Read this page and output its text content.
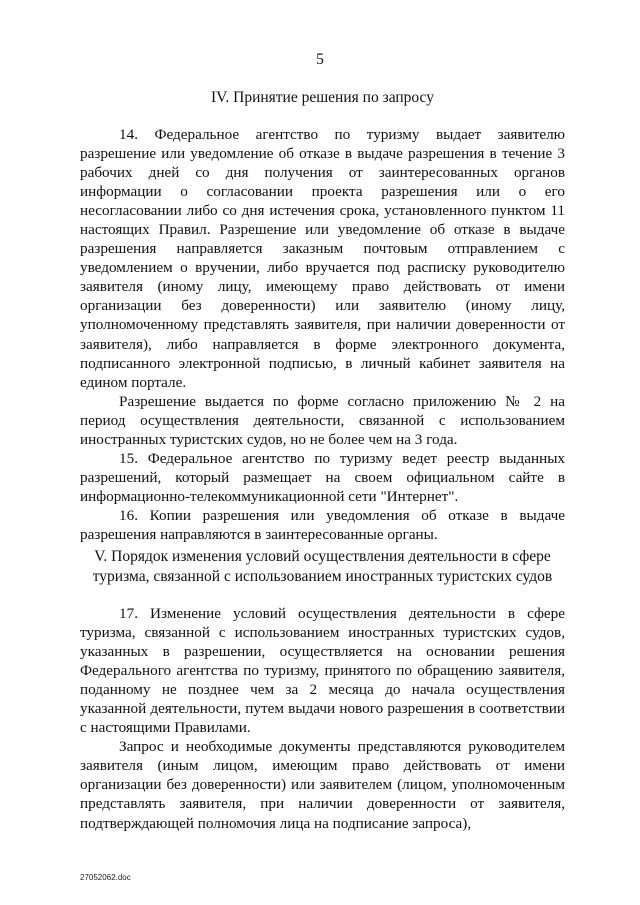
5
IV. Принятие решения по запросу

14. Федеральное агентство по туризму выдает заявителю разрешение или уведомление об отказе в выдаче разрешения в течение 3 рабочих дней со дня получения от заинтересованных органов информации о согласовании проекта разрешения или о его несогласовании либо со дня истечения срока, установленного пунктом 11 настоящих Правил. Разрешение или уведомление об отказе в выдаче разрешения направляется заказным почтовым отправлением с уведомлением о вручении, либо вручается под расписку руководителю заявителя (иному лицу, имеющему право действовать от имени организации без доверенности) или заявителю (иному лицу, уполномоченному представлять заявителя, при наличии доверенности от заявителя), либо направляется в форме электронного документа, подписанного электронной подписью, в личный кабинет заявителя на едином портале.

Разрешение выдается по форме согласно приложению № 2 на период осуществления деятельности, связанной с использованием иностранных туристских судов, но не более чем на 3 года.

15. Федеральное агентство по туризму ведет реестр выданных разрешений, который размещает на своем официальном сайте в информационно-телекоммуникационной сети "Интернет".

16. Копии разрешения или уведомления об отказе в выдаче разрешения направляются в заинтересованные органы.

V. Порядок изменения условий осуществления деятельности в сфере туризма, связанной с использованием иностранных туристских судов

17. Изменение условий осуществления деятельности в сфере туризма, связанной с использованием иностранных туристских судов, указанных в разрешении, осуществляется на основании решения Федерального агентства по туризму, принятого по обращению заявителя, поданному не позднее чем за 2 месяца до начала осуществления указанной деятельности, путем выдачи нового разрешения в соответствии с настоящими Правилами.

Запрос и необходимые документы представляются руководителем заявителя (иным лицом, имеющим право действовать от имени организации без доверенности) или заявителем (лицом, уполномоченным представлять заявителя, при наличии доверенности от заявителя, подтверждающей полномочия лица на подписание запроса),

27052062.doc
